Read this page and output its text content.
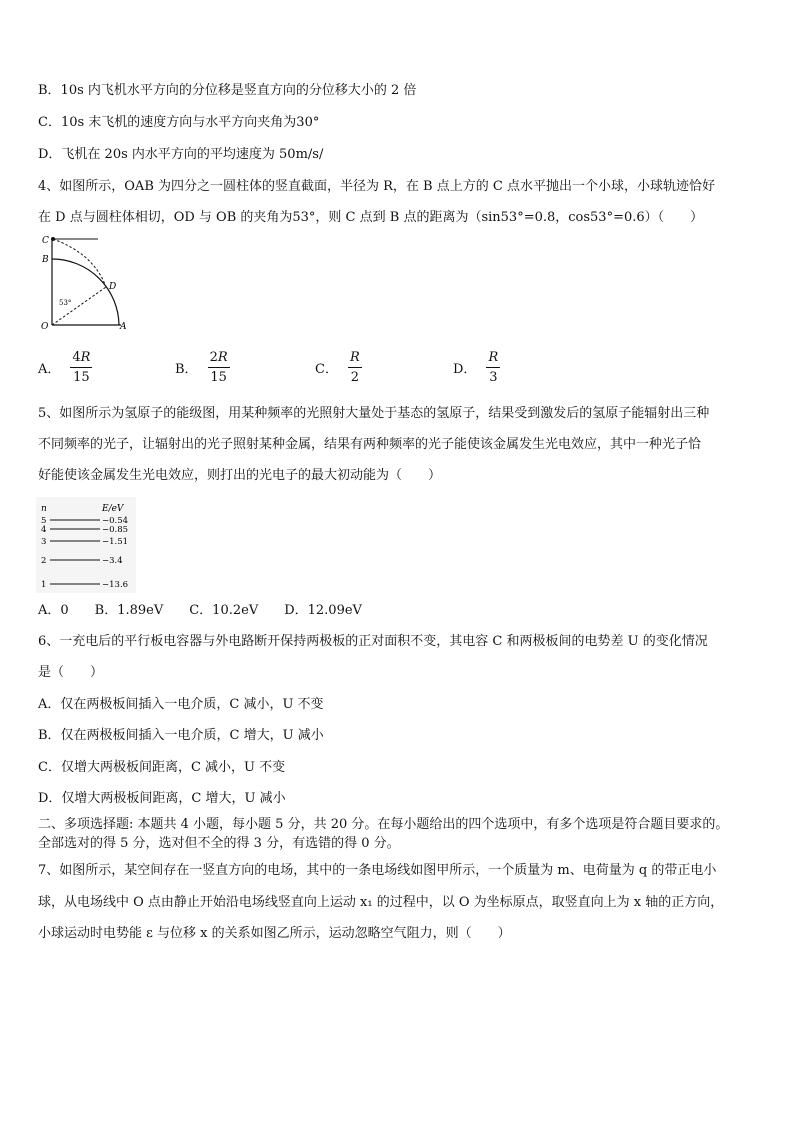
B．10s 内飞机水平方向的分位移是竖直方向的分位移大小的 2 倍
C．10s 末飞机的速度方向与水平方向夹角为30°
D．飞机在 20s 内水平方向的平均速度为 50m/s/
4、如图所示，OAB 为四分之一圆柱体的竖直截面，半径为 R，在 B 点上方的 C 点水平抛出一个小球，小球轨迹恰好
在 D 点与圆柱体相切，OD 与 OB 的夹角为53°，则 C 点到 B 点的距离为（sin53°=0.8，cos53°=0.6）（　　）
C
B
D
O	A
53°
A． $\frac{4R}{15}$	B． $\frac{2R}{15}$	C． $\frac{R}{2}$	D． $\frac{R}{3}$
5、如图所示为氢原子的能级图，用某种频率的光照射大量处于基态的氢原子，结果受到激发后的氢原子能辐射出三种
不同频率的光子，让辐射出的光子照射某种金属，结果有两种频率的光子能使该金属发生光电效应，其中一种光子恰
好能使该金属发生光电效应，则打出的光电子的最大初动能为（　　）
n	E/eV
5	−0.54
4	−0.85
3	−1.51
2	−3.4
1	−13.6
A．0　　B．1.89eV　　C．10.2eV　　D．12.09eV
6、一充电后的平行板电容器与外电路断开保持两极板的正对面积不变，其电容 C 和两极板间的电势差 U 的变化情况
是（　　）
A．仅在两极板间插入一电介质，C 减小，U 不变
B．仅在两极板间插入一电介质，C 增大，U 减小
C．仅增大两极板间距离，C 减小，U 不变
D．仅增大两极板间距离，C 增大，U 减小
二、多项选择题: 本题共 4 小题，每小题 5 分，共 20 分。在每小题给出的四个选项中，有多个选项是符合题目要求的。
全部选对的得 5 分，选对但不全的得 3 分，有选错的得 0 分。
7、如图所示，某空间存在一竖直方向的电场，其中的一条电场线如图甲所示，一个质量为 m、电荷量为 q 的带正电小
球，从电场线中 O 点由静止开始沿电场线竖直向上运动 x₁ 的过程中，以 O 为坐标原点，取竖直向上为 x 轴的正方向，
小球运动时电势能 ε 与位移 x 的关系如图乙所示，运动忽略空气阻力，则（　　）
